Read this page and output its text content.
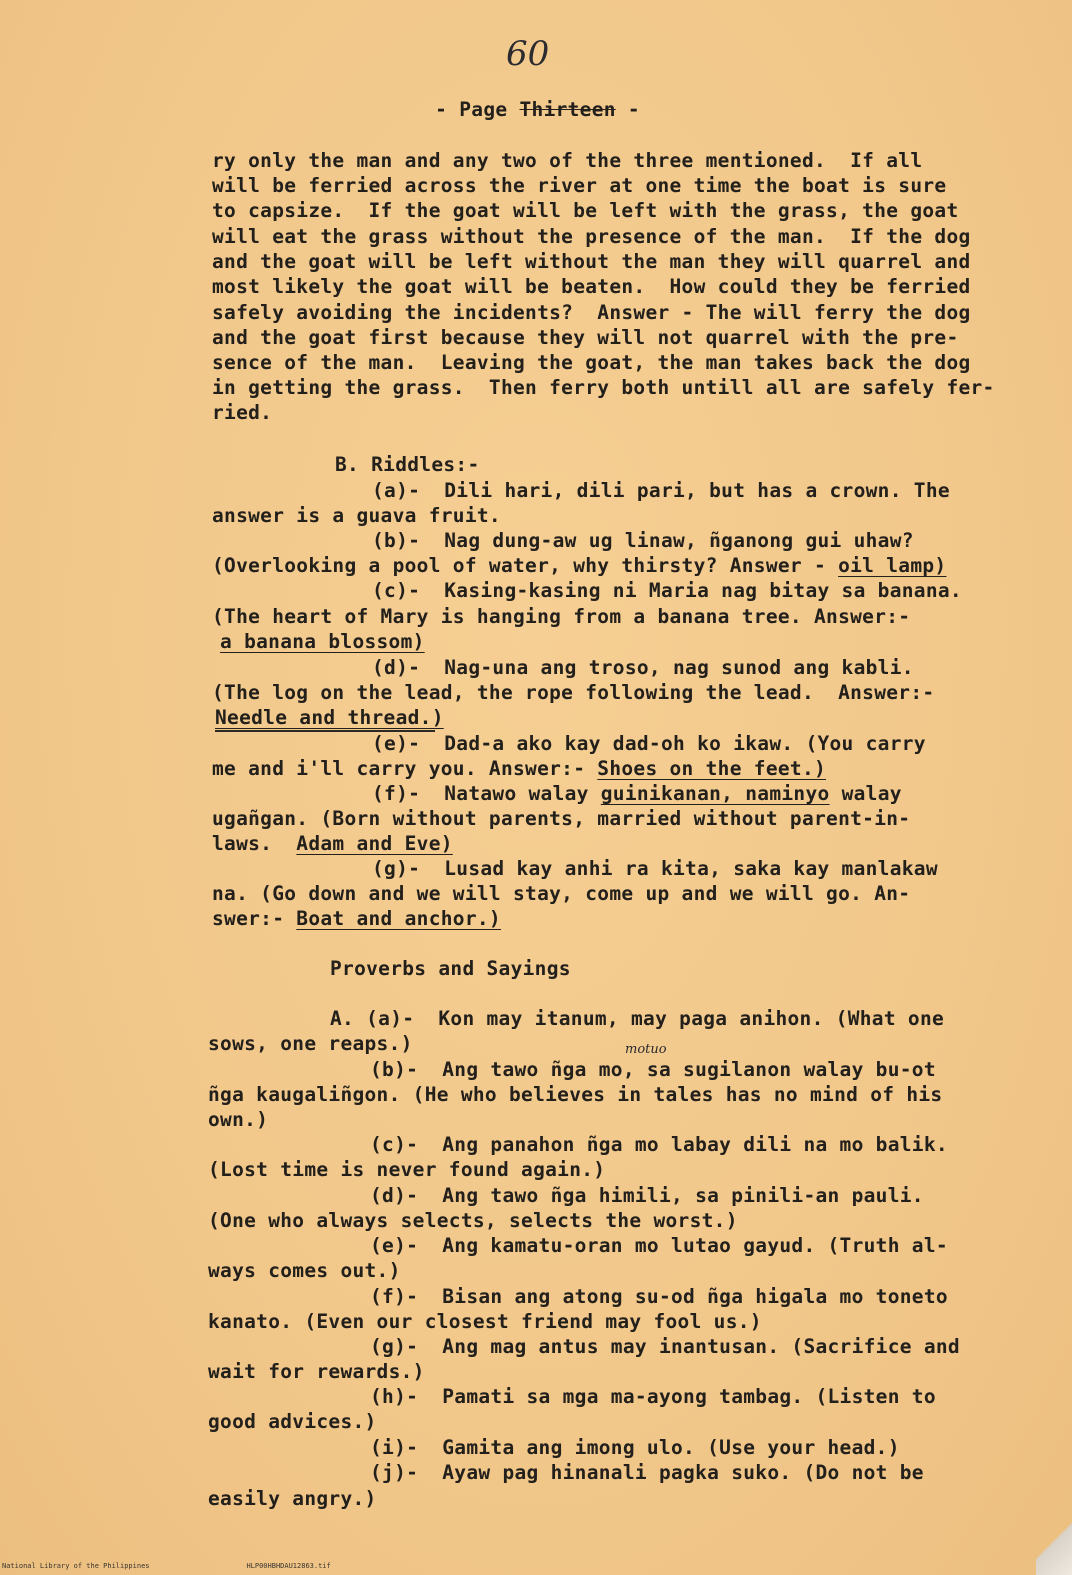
60

- Page Thirteen -

ry only the man and any two of the three mentioned.  If all
will be ferried across the river at one time the boat is sure
to capsize.  If the goat will be left with the grass, the goat
will eat the grass without the presence of the man.  If the dog
and the goat will be left without the man they will quarrel and
most likely the goat will be beaten.  How could they be ferried
safely avoiding the incidents?  Answer - The will ferry the dog
and the goat first because they will not quarrel with the pre-
sence of the man.  Leaving the goat, the man takes back the dog
in getting the grass.  Then ferry both untill all are safely fer-
ried.
B. Riddles:-
(a)-  Dili hari, dili pari, but has a crown. The
answer is a guava fruit.
(b)-  Nag dung-aw ug linaw, ñganong gui uhaw?
(Overlooking a pool of water, why thirsty? Answer - oil lamp)
(c)-  Kasing-kasing ni Maria nag bitay sa banana.
(The heart of Mary is hanging from a banana tree. Answer:-
a banana blossom)
(d)-  Nag-una ang troso, nag sunod ang kabli.
(The log on the lead, the rope following the lead.  Answer:-
Needle and thread.)
(e)-  Dad-a ako kay dad-oh ko ikaw. (You carry
me and i'll carry you. Answer:- Shoes on the feet.)
(f)-  Natawo walay guinikanan, naminyo walay
ugañgan. (Born without parents, married without parent-in-
laws.  Adam and Eve)
(g)-  Lusad kay anhi ra kita, saka kay manlakaw
na. (Go down and we will stay, come up and we will go. An-
swer:- Boat and anchor.)
Proverbs and Sayings
A. (a)-  Kon may itanum, may paga anihon. (What one
sows, one reaps.)	motuo
(b)-  Ang tawo ñga mo, sa sugilanon walay bu-ot
ñga kaugaliñgon. (He who believes in tales has no mind of his
own.)
(c)-  Ang panahon ñga mo labay dili na mo balik.
(Lost time is never found again.)
(d)-  Ang tawo ñga himili, sa pinili-an pauli.
(One who always selects, selects the worst.)
(e)-  Ang kamatu-oran mo lutao gayud. (Truth al-
ways comes out.)
(f)-  Bisan ang atong su-od ñga higala mo toneto
kanato. (Even our closest friend may fool us.)
(g)-  Ang mag antus may inantusan. (Sacrifice and
wait for rewards.)
(h)-  Pamati sa mga ma-ayong tambag. (Listen to
good advices.)
(i)-  Gamita ang imong ulo. (Use your head.)
(j)-  Ayaw pag hinanali pagka suko. (Do not be
easily angry.)
National Library of the Philippines	HLP00HBHDAU12863.tif
